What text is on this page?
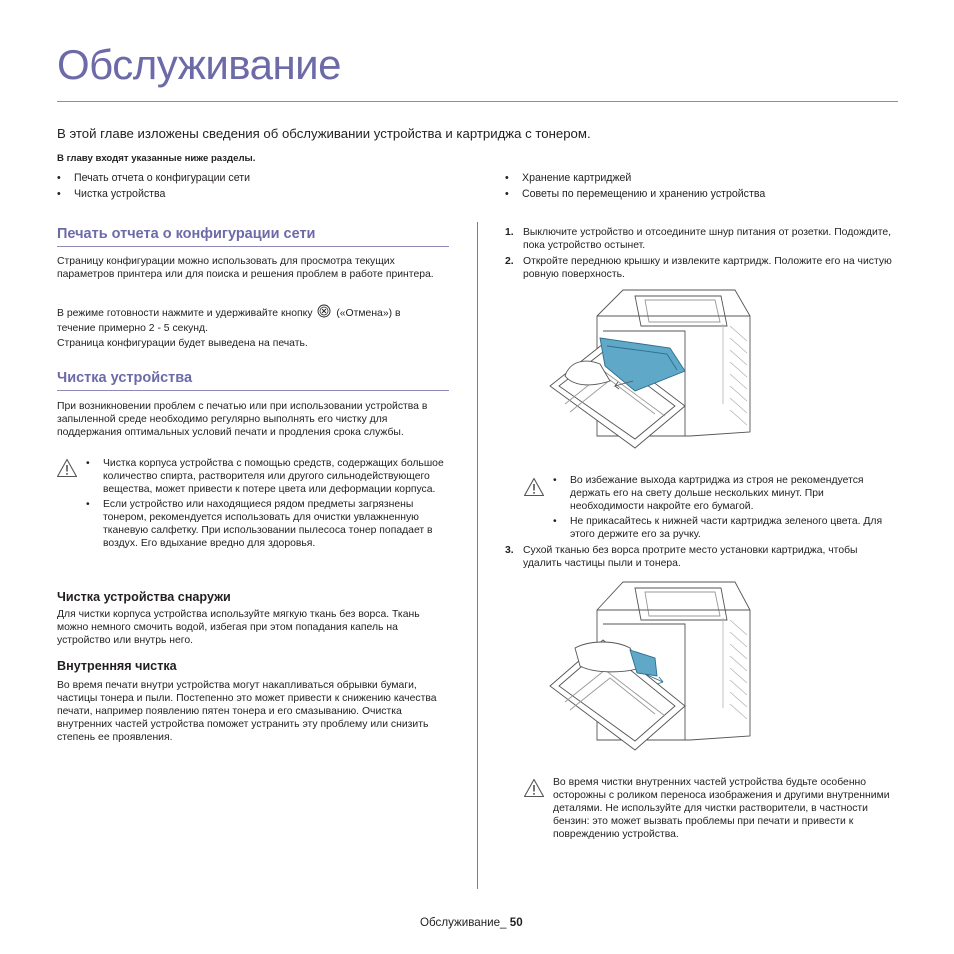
Обслуживание
В этой главе изложены сведения об обслуживании устройства и картриджа с тонером.
В главу входят указанные ниже разделы.
• Печать отчета о конфигурации сети
• Чистка устройства
• Хранение картриджей
• Советы по перемещению и хранению устройства
Печать отчета о конфигурации сети
Страницу конфигурации можно использовать для просмотра текущих параметров принтера или для поиска и решения проблем в работе принтера.
В режиме готовности нажмите и удерживайте кнопку («Отмена») в
течение примерно 2 - 5 секунд.
Страница конфигурации будет выведена на печать.
Чистка устройства
При возникновении проблем с печатью или при использовании устройства в запыленной среде необходимо регулярно выполнять его чистку для поддержания оптимальных условий печати и продления срока службы.
• Чистка корпуса устройства с помощью средств, содержащих большое количество спирта, растворителя или другого сильнодействующего вещества, может привести к потере цвета или деформации корпуса.
• Если устройство или находящиеся рядом предметы загрязнены тонером, рекомендуется использовать для очистки увлажненную тканевую салфетку. При использовании пылесоса тонер попадает в воздух. Его вдыхание вредно для здоровья.
Чистка устройства снаружи
Для чистки корпуса устройства используйте мягкую ткань без ворса. Ткань можно немного смочить водой, избегая при этом попадания капель на устройство или внутрь него.
Внутренняя чистка
Во время печати внутри устройства могут накапливаться обрывки бумаги, частицы тонера и пыли. Постепенно это может привести к снижению качества печати, например появлению пятен тонера и его смазыванию. Очистка внутренних частей устройства поможет устранить эту проблему или снизить степень ее проявления.
1. Выключите устройство и отсоедините шнур питания от розетки. Подождите, пока устройство остынет.
2. Откройте переднюю крышку и извлеките картридж. Положите его на чистую ровную поверхность.
• Во избежание выхода картриджа из строя не рекомендуется держать его на свету дольше нескольких минут. При необходимости накройте его бумагой.
• Не прикасайтесь к нижней части картриджа зеленого цвета. Для этого держите его за ручку.
3. Сухой тканью без ворса протрите место установки картриджа, чтобы удалить частицы пыли и тонера.
Во время чистки внутренних частей устройства будьте особенно осторожны с роликом переноса изображения и другими внутренними деталями. Не используйте для чистки растворители, в частности бензин: это может вызвать проблемы при печати и привести к повреждению устройства.
Обслуживание_ 50
